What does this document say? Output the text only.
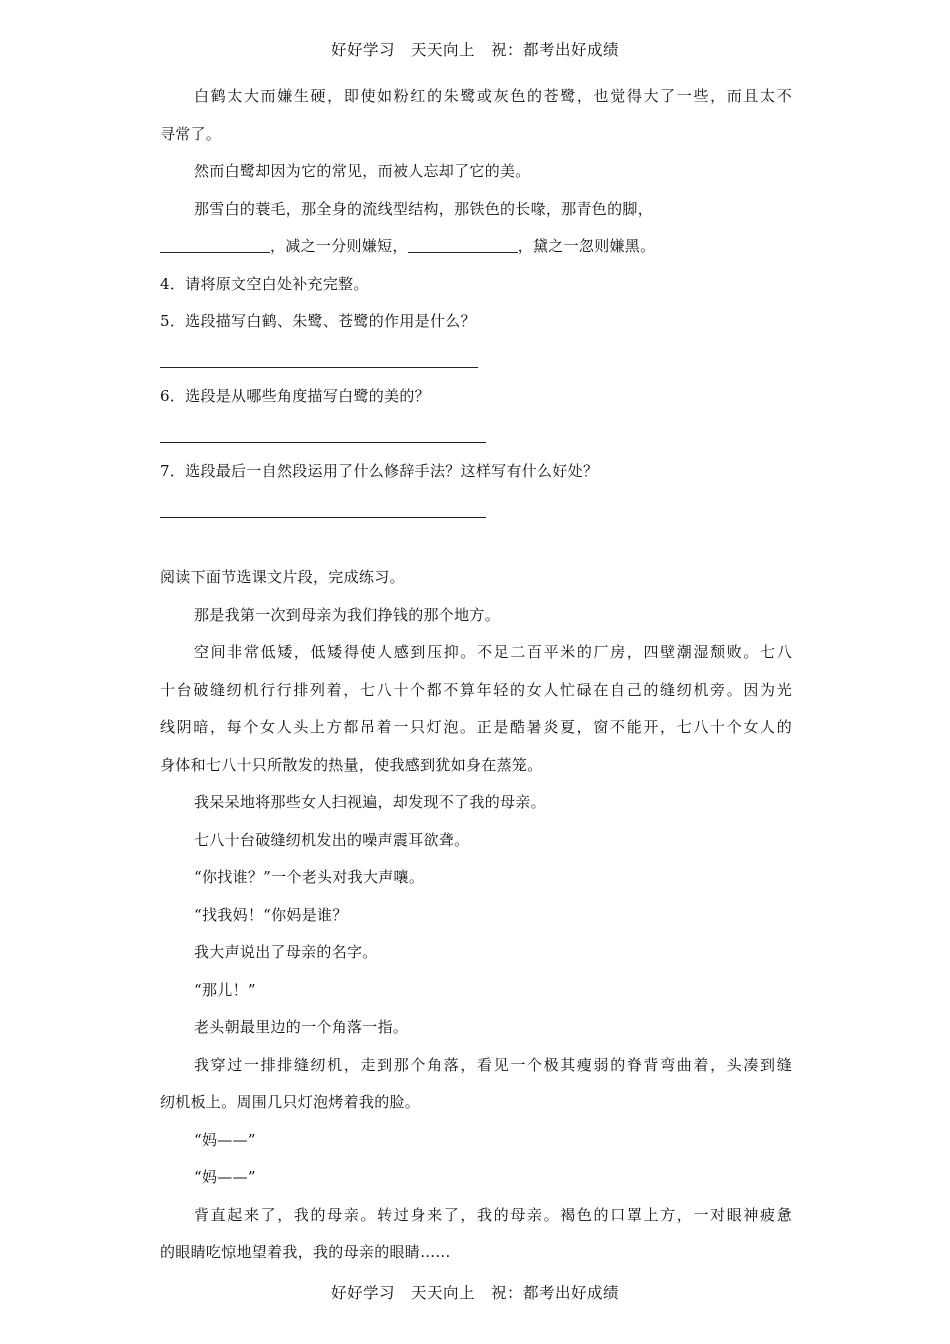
好好学习　天天向上　祝：都考出好成绩
白鹤太大而嫌生硬，即使如粉红的朱鹭或灰色的苍鹭，也觉得大了一些，而且太不
寻常了。
然而白鹭却因为它的常见，而被人忘却了它的美。
那雪白的蓑毛，那全身的流线型结构，那铁色的长喙，那青色的脚，
，减之一分则嫌短，	，黛之一忽则嫌黑。
4．请将原文空白处补充完整。
5．选段描写白鹤、朱鹭、苍鹭的作用是什么？
6．选段是从哪些角度描写白鹭的美的？
7．选段最后一自然段运用了什么修辞手法？这样写有什么好处？
阅读下面节选课文片段，完成练习。
那是我第一次到母亲为我们挣钱的那个地方。
空间非常低矮，低矮得使人感到压抑。不足二百平米的厂房，四壁潮湿颓败。七八
十台破缝纫机行行排列着，七八十个都不算年轻的女人忙碌在自己的缝纫机旁。因为光
线阴暗，每个女人头上方都吊着一只灯泡。正是酷暑炎夏，窗不能开，七八十个女人的
身体和七八十只所散发的热量，使我感到犹如身在蒸笼。
我呆呆地将那些女人扫视遍，却发现不了我的母亲。
七八十台破缝纫机发出的噪声震耳欲聋。
“你找谁？”一个老头对我大声嚷。
“找我妈！“你妈是谁？
我大声说出了母亲的名字。
“那儿！”
老头朝最里边的一个角落一指。
我穿过一排排缝纫机，走到那个角落，看见一个极其瘦弱的脊背弯曲着，头凑到缝
纫机板上。周围几只灯泡烤着我的脸。
“妈——”
“妈——”
背直起来了，我的母亲。转过身来了，我的母亲。褐色的口罩上方，一对眼神疲惫
的眼睛吃惊地望着我，我的母亲的眼睛……
好好学习　天天向上　祝：都考出好成绩
